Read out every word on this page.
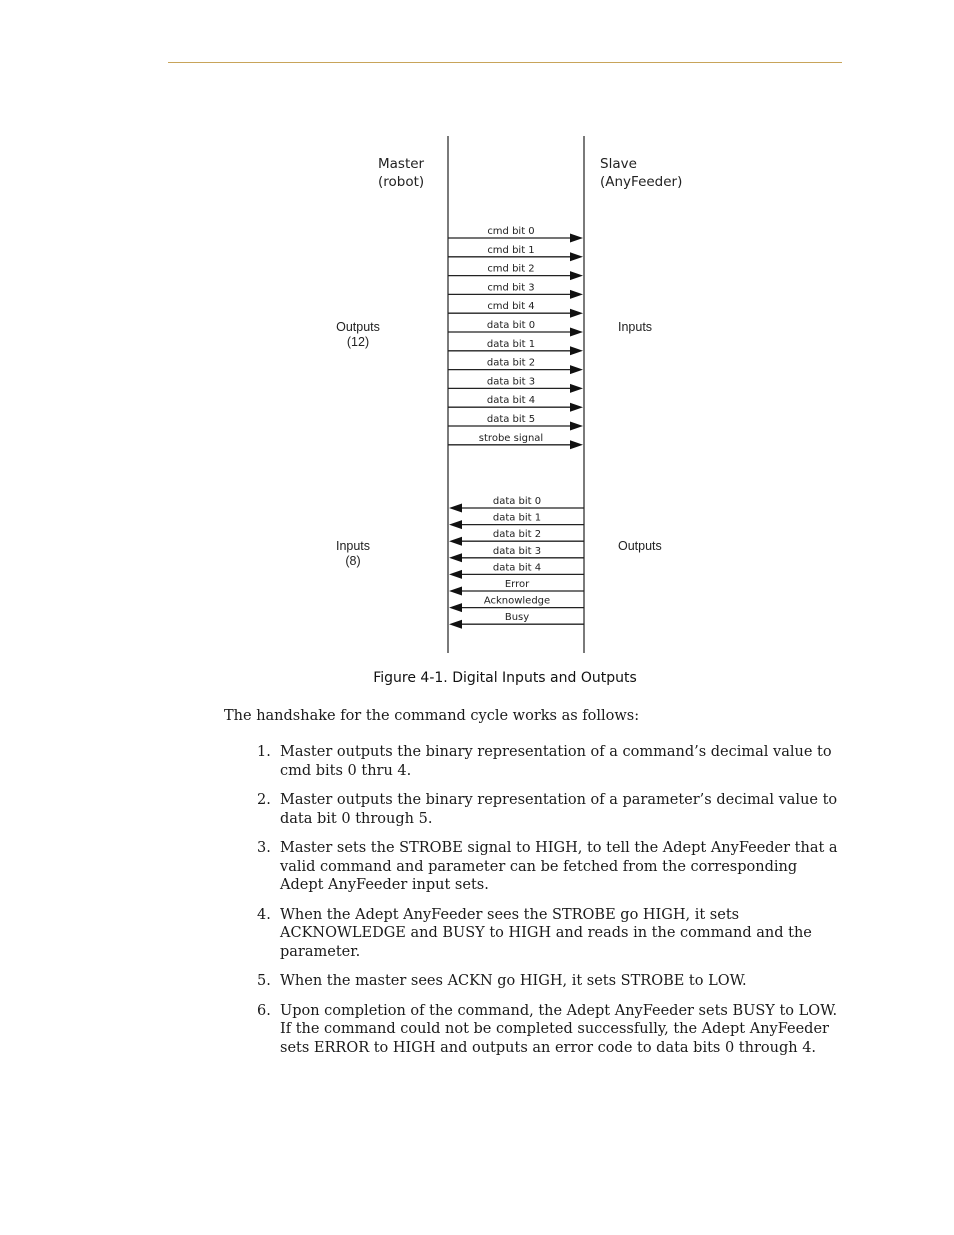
Master (robot)
Slave (AnyFeeder)
Outputs (12)
Inputs (8)
Inputs
Outputs
cmd bit 0
cmd bit 1
cmd bit 2
cmd bit 3
cmd bit 4
data bit 0
data bit 1
data bit 2
data bit 3
data bit 4
data bit 5
strobe signal
data bit 0
data bit 1
data bit 2
data bit 3
data bit 4
Error
Acknowledge
Busy
Figure 4-1. Digital Inputs and Outputs
The handshake for the command cycle works as follows:
1. Master outputs the binary representation of a command’s decimal value to cmd bits 0 thru 4.
2. Master outputs the binary representation of a parameter’s decimal value to data bit 0 through 5.
3. Master sets the STROBE signal to HIGH, to tell the Adept AnyFeeder that a valid command and parameter can be fetched from the corresponding Adept AnyFeeder input sets.
4. When the Adept AnyFeeder sees the STROBE go HIGH, it sets ACKNOWLEDGE and BUSY to HIGH and reads in the command and the parameter.
5. When the master sees ACKN go HIGH, it sets STROBE to LOW.
6. Upon completion of the command, the Adept AnyFeeder sets BUSY to LOW. If the command could not be completed successfully, the Adept AnyFeeder sets ERROR to HIGH and outputs an error code to data bits 0 through 4.
